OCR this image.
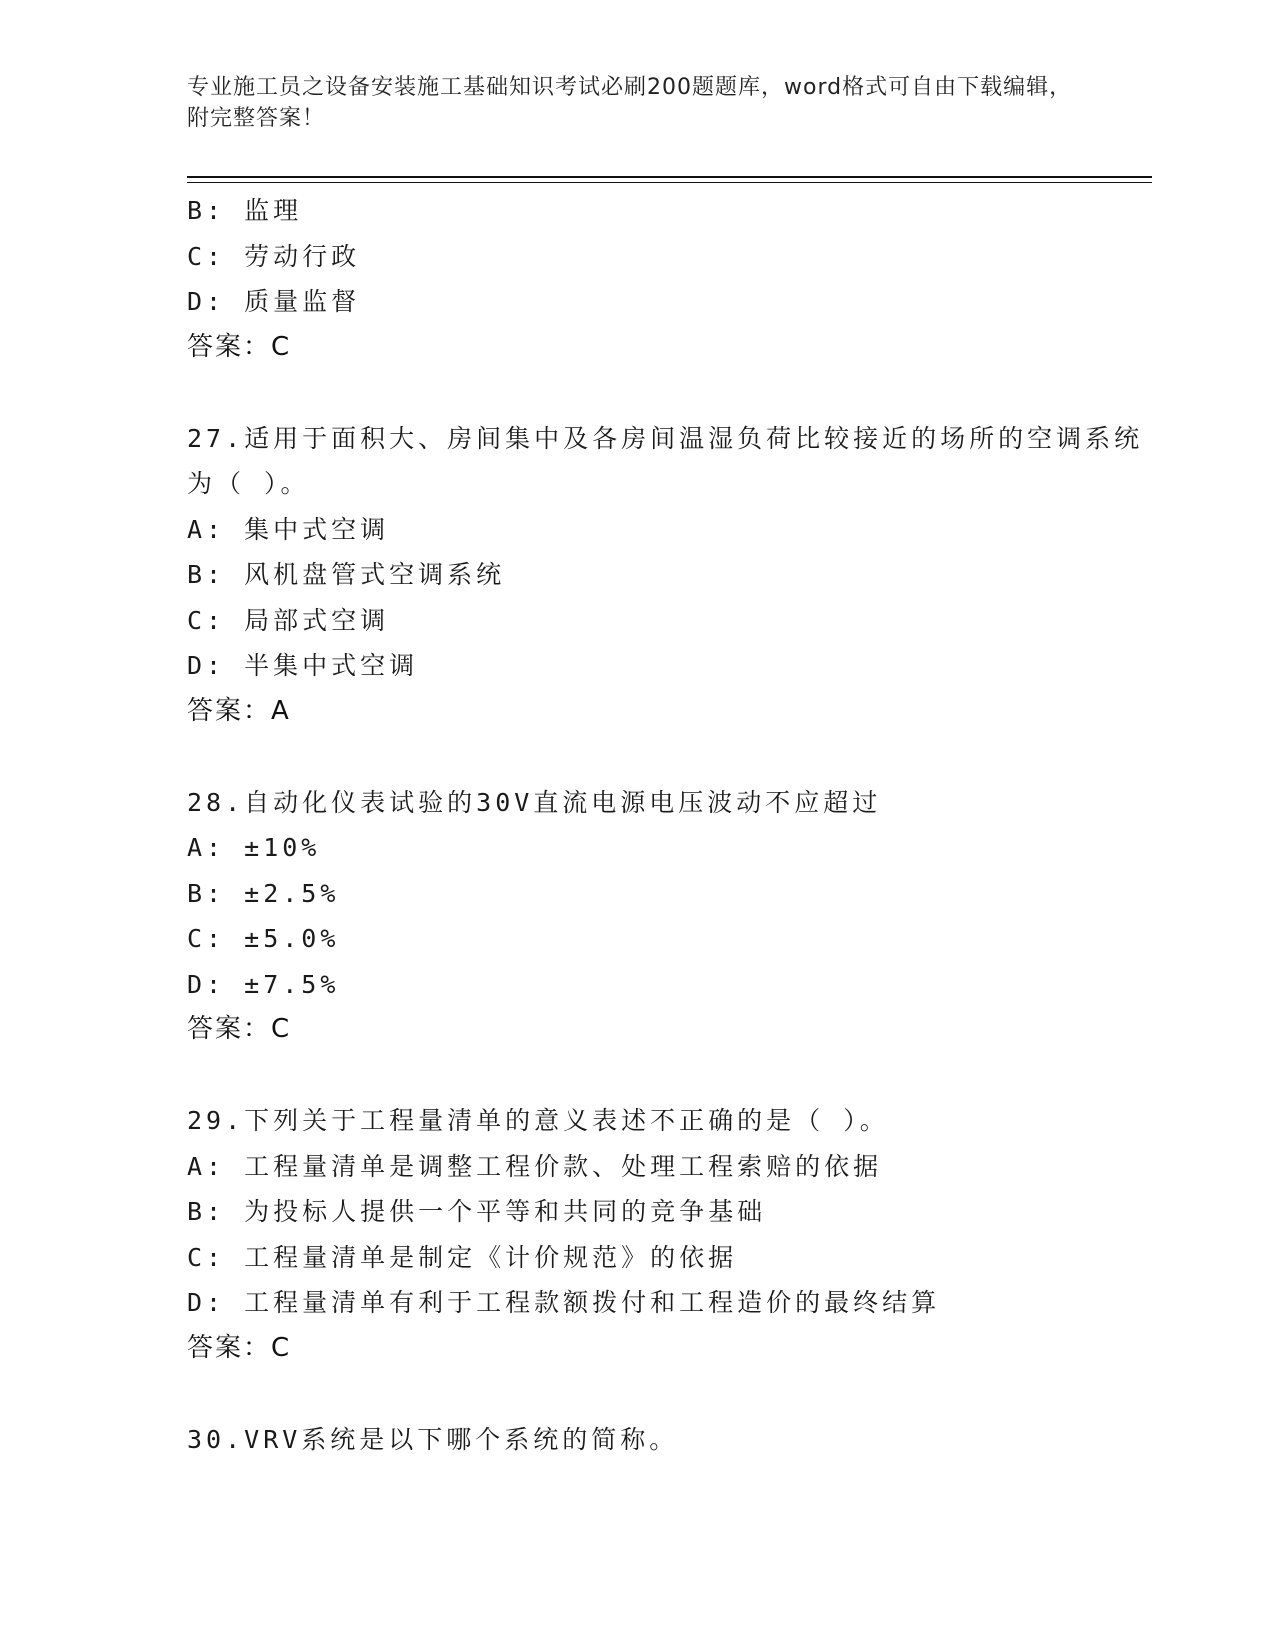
专业施工员之设备安装施工基础知识考试必刷200题题库，word格式可自由下载编辑，附完整答案！
B: 监理
C: 劳动行政
D: 质量监督
答案：C
27.适用于面积大、房间集中及各房间温湿负荷比较接近的场所的空调系统为（ ）。
A: 集中式空调
B: 风机盘管式空调系统
C: 局部式空调
D: 半集中式空调
答案：A
28.自动化仪表试验的30V直流电源电压波动不应超过
A: ±10%
B: ±2.5%
C: ±5.0%
D: ±7.5%
答案：C
29.下列关于工程量清单的意义表述不正确的是（ ）。
A: 工程量清单是调整工程价款、处理工程索赔的依据
B: 为投标人提供一个平等和共同的竞争基础
C: 工程量清单是制定《计价规范》的依据
D: 工程量清单有利于工程款额拨付和工程造价的最终结算
答案：C
30.VRV系统是以下哪个系统的简称。
